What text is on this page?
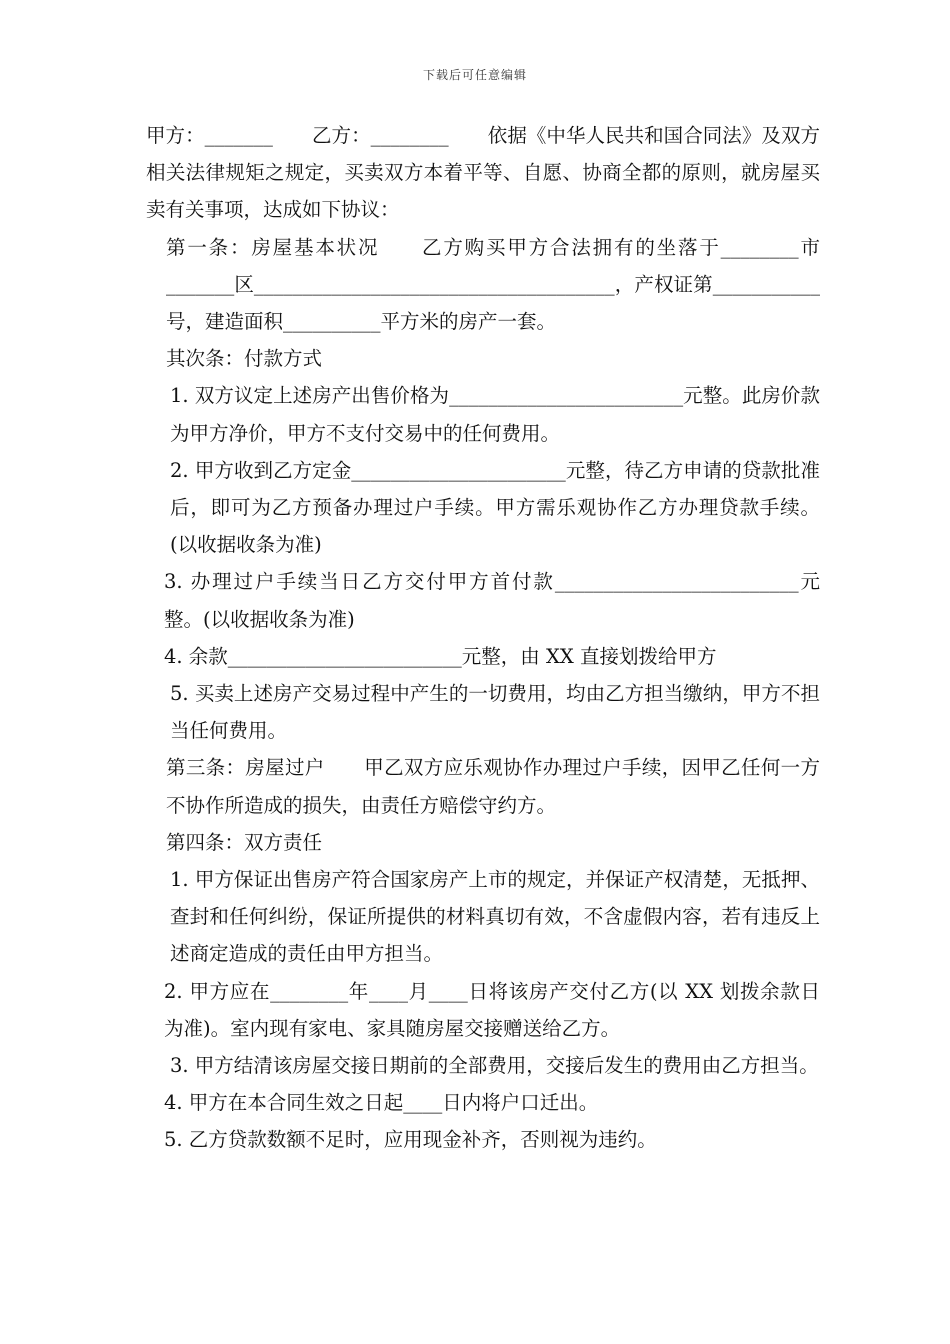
下载后可任意编辑

甲方：_______　　乙方：________　　依据《中华人民共和国合同法》及双方相关法律规矩之规定，买卖双方本着平等、自愿、协商全都的原则，就房屋买卖有关事项，达成如下协议：

第一条：房屋基本状况　　乙方购买甲方合法拥有的坐落于________市_______区_____________________________________，产权证第___________号，建造面积__________平方米的房产一套。

其次条：付款方式

1. 双方议定上述房产出售价格为________________________元整。此房价款为甲方净价，甲方不支付交易中的任何费用。

2. 甲方收到乙方定金______________________元整，待乙方申请的贷款批准后，即可为乙方预备办理过户手续。甲方需乐观协作乙方办理贷款手续。(以收据收条为准)

3. 办理过户手续当日乙方交付甲方首付款_________________________元整。(以收据收条为准)

4. 余款________________________元整，由 XX 直接划拨给甲方

5. 买卖上述房产交易过程中产生的一切费用，均由乙方担当缴纳，甲方不担当任何费用。

第三条：房屋过户　　甲乙双方应乐观协作办理过户手续，因甲乙任何一方不协作所造成的损失，由责任方赔偿守约方。

第四条：双方责任

1. 甲方保证出售房产符合国家房产上市的规定，并保证产权清楚，无抵押、查封和任何纠纷，保证所提供的材料真切有效，不含虚假内容，若有违反上述商定造成的责任由甲方担当。

2. 甲方应在________年____月____日将该房产交付乙方(以 XX 划拨余款日为准)。室内现有家电、家具随房屋交接赠送给乙方。

3. 甲方结清该房屋交接日期前的全部费用，交接后发生的费用由乙方担当。

4. 甲方在本合同生效之日起____日内将户口迁出。

5. 乙方贷款数额不足时，应用现金补齐，否则视为违约。
